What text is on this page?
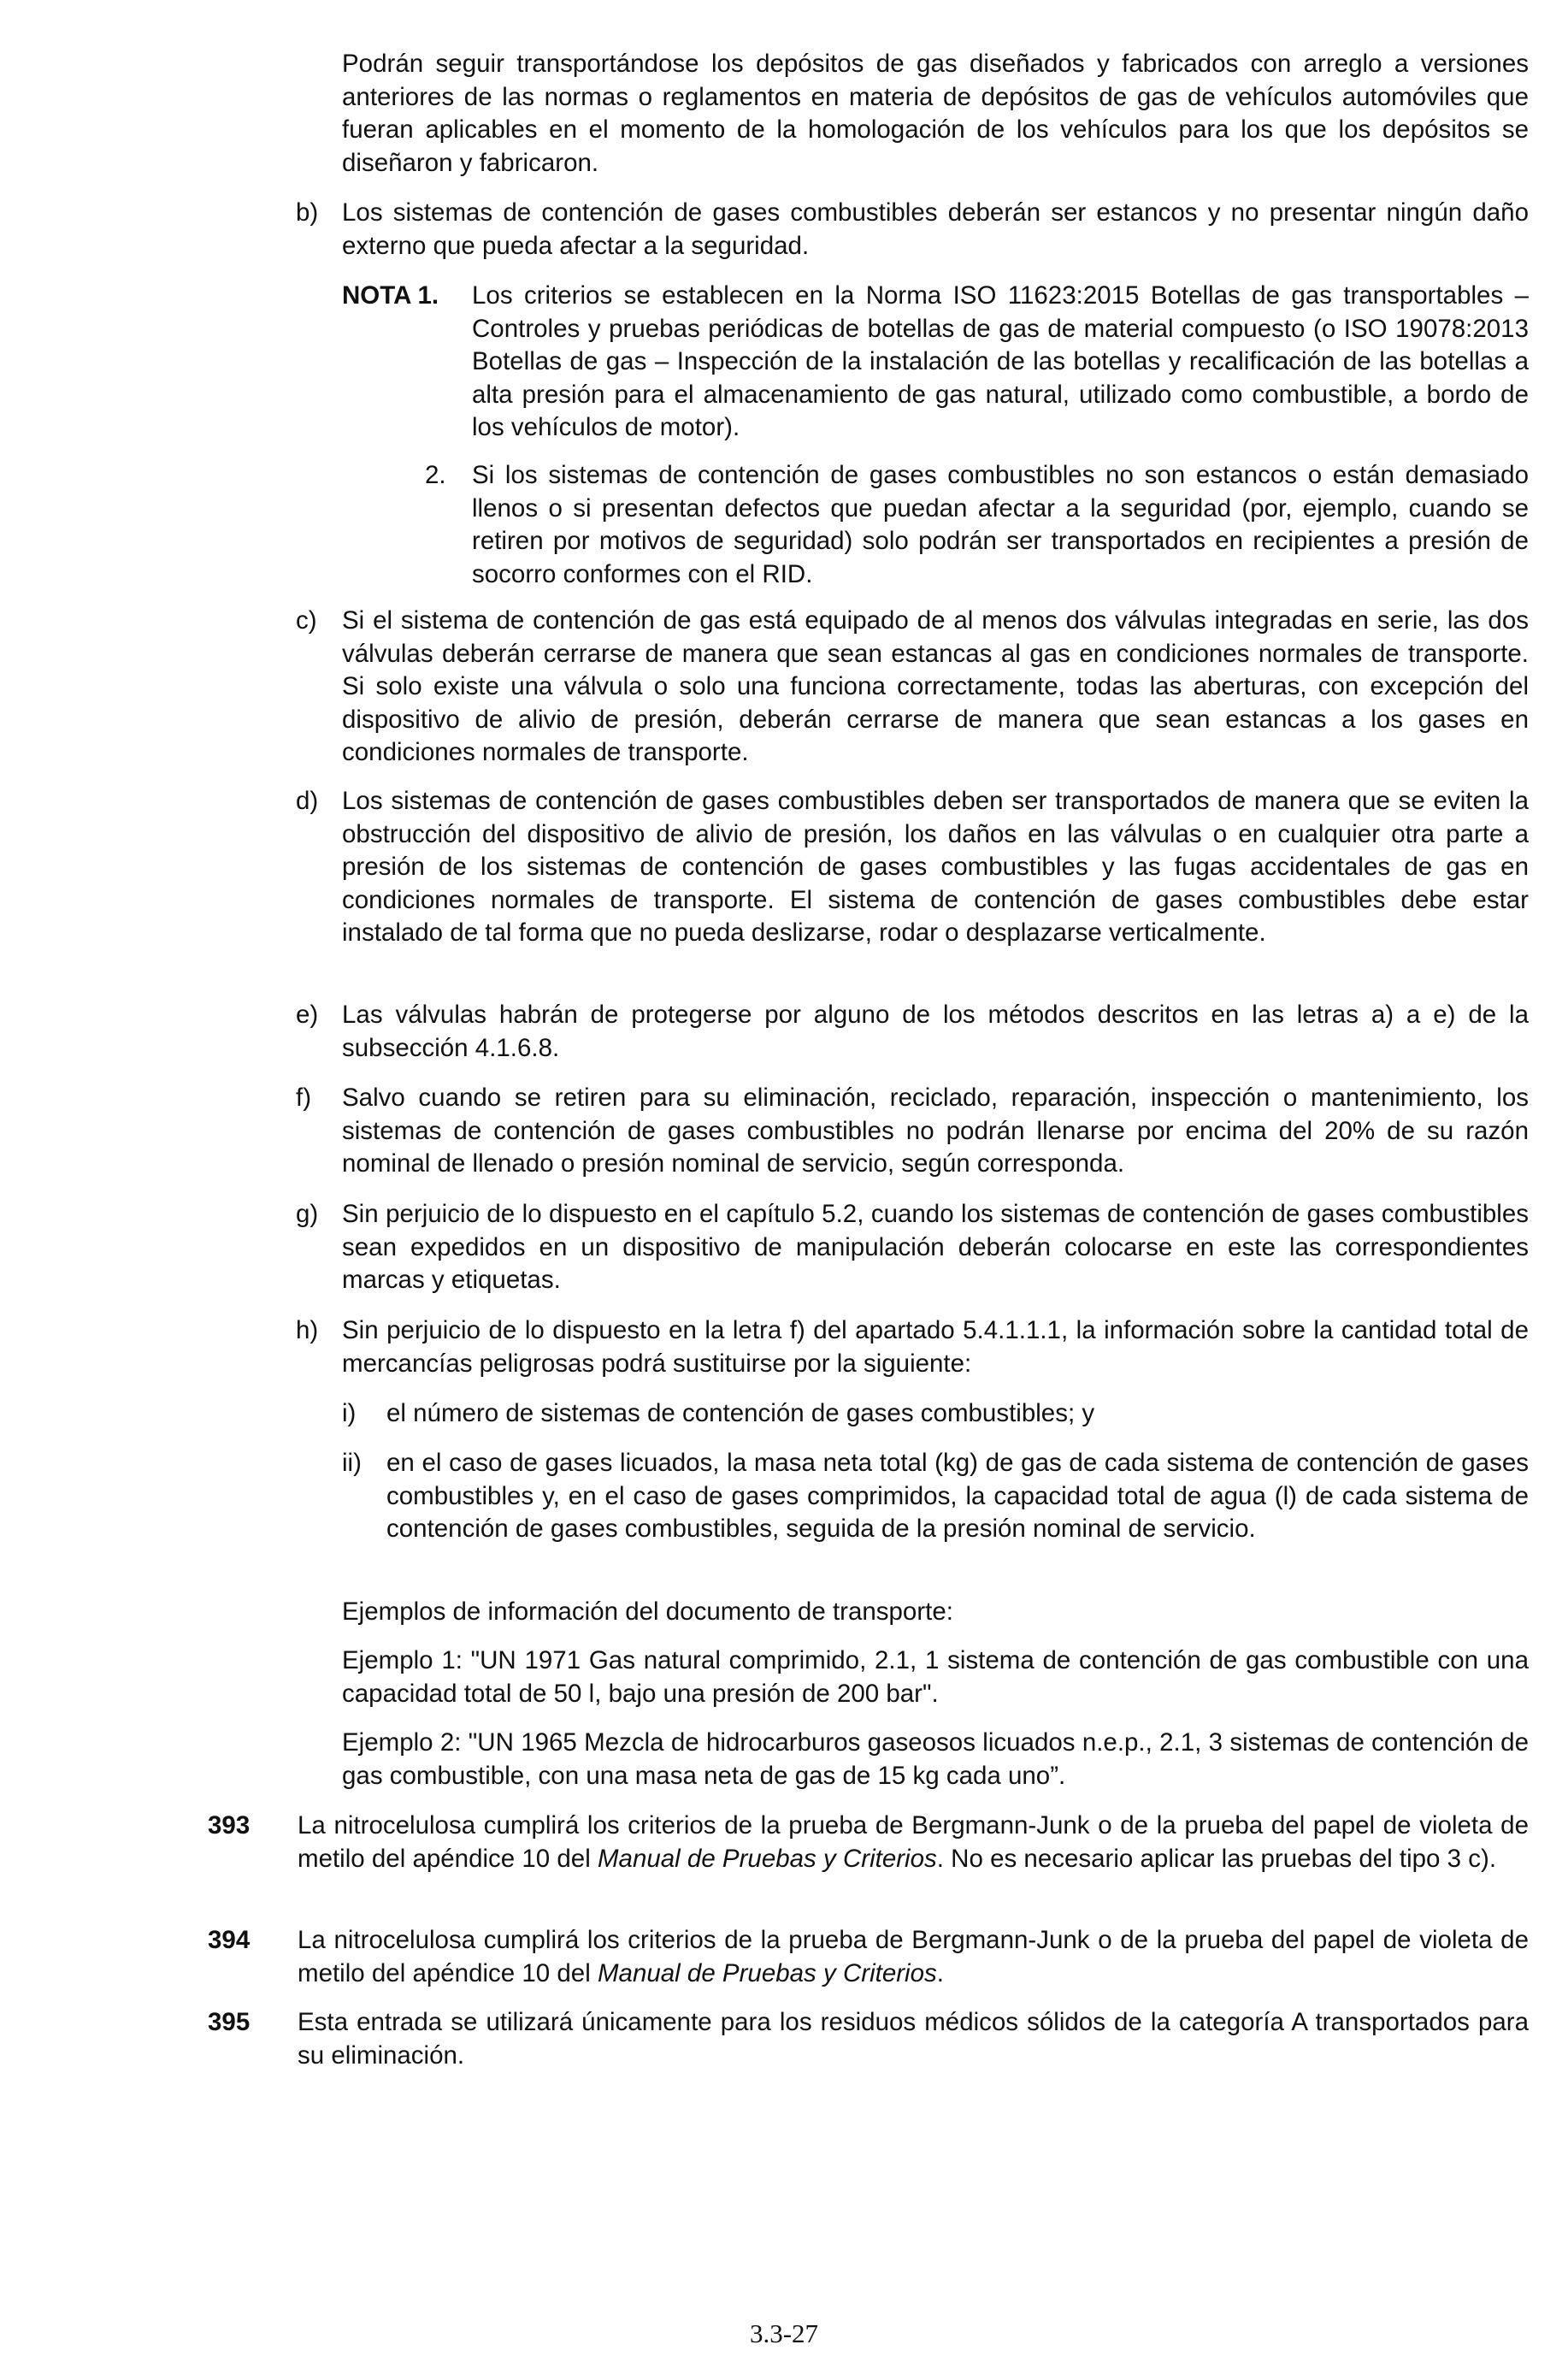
Podrán seguir transportándose los depósitos de gas diseñados y fabricados con arreglo a versiones anteriores de las normas o reglamentos en materia de depósitos de gas de vehículos automóviles que fueran aplicables en el momento de la homologación de los vehículos para los que los depósitos se diseñaron y fabricaron.

b) Los sistemas de contención de gases combustibles deberán ser estancos y no presentar ningún daño externo que pueda afectar a la seguridad.

NOTA 1.	Los criterios se establecen en la Norma ISO 11623:2015 Botellas de gas transportables – Controles y pruebas periódicas de botellas de gas de material compuesto (o ISO 19078:2013 Botellas de gas – Inspección de la instalación de las botellas y recalificación de las botellas a alta presión para el almacenamiento de gas natural, utilizado como combustible, a bordo de los vehículos de motor).

2.	Si los sistemas de contención de gases combustibles no son estancos o están demasiado llenos o si presentan defectos que puedan afectar a la seguridad (por, ejemplo, cuando se retiren por motivos de seguridad) solo podrán ser transportados en recipientes a presión de socorro conformes con el RID.

c) Si el sistema de contención de gas está equipado de al menos dos válvulas integradas en serie, las dos válvulas deberán cerrarse de manera que sean estancas al gas en condiciones normales de transporte. Si solo existe una válvula o solo una funciona correctamente, todas las aberturas, con excepción del dispositivo de alivio de presión, deberán cerrarse de manera que sean estancas a los gases en condiciones normales de transporte.

d) Los sistemas de contención de gases combustibles deben ser transportados de manera que se eviten la obstrucción del dispositivo de alivio de presión, los daños en las válvulas o en cualquier otra parte a presión de los sistemas de contención de gases combustibles y las fugas accidentales de gas en condiciones normales de transporte. El sistema de contención de gases combustibles debe estar instalado de tal forma que no pueda deslizarse, rodar o desplazarse verticalmente.

e) Las válvulas habrán de protegerse por alguno de los métodos descritos en las letras a) a e) de la subsección 4.1.6.8.

f)	Salvo cuando se retiren para su eliminación, reciclado, reparación, inspección o mantenimiento, los sistemas de contención de gases combustibles no podrán llenarse por encima del 20% de su razón nominal de llenado o presión nominal de servicio, según corresponda.

g) Sin perjuicio de lo dispuesto en el capítulo 5.2, cuando los sistemas de contención de gases combustibles sean expedidos en un dispositivo de manipulación deberán colocarse en este las correspondientes marcas y etiquetas.

h) Sin perjuicio de lo dispuesto en la letra f) del apartado 5.4.1.1.1, la información sobre la cantidad total de mercancías peligrosas podrá sustituirse por la siguiente:

i)	el número de sistemas de contención de gases combustibles; y

ii) en el caso de gases licuados, la masa neta total (kg) de gas de cada sistema de contención de gases combustibles y, en el caso de gases comprimidos, la capacidad total de agua (l) de cada sistema de contención de gases combustibles, seguida de la presión nominal de servicio.

Ejemplos de información del documento de transporte:

Ejemplo 1: "UN 1971 Gas natural comprimido, 2.1, 1 sistema de contención de gas combustible con una capacidad total de 50 l, bajo una presión de 200 bar".

Ejemplo 2: "UN 1965 Mezcla de hidrocarburos gaseosos licuados n.e.p., 2.1, 3 sistemas de contención de gas combustible, con una masa neta de gas de 15 kg cada uno”.

393	La nitrocelulosa cumplirá los criterios de la prueba de Bergmann-Junk o de la prueba del papel de violeta de metilo del apéndice 10 del Manual de Pruebas y Criterios. No es necesario aplicar las pruebas del tipo 3 c).

394	La nitrocelulosa cumplirá los criterios de la prueba de Bergmann-Junk o de la prueba del papel de violeta de metilo del apéndice 10 del Manual de Pruebas y Criterios.

395	Esta entrada se utilizará únicamente para los residuos médicos sólidos de la categoría A transportados para su eliminación.

3.3-27
